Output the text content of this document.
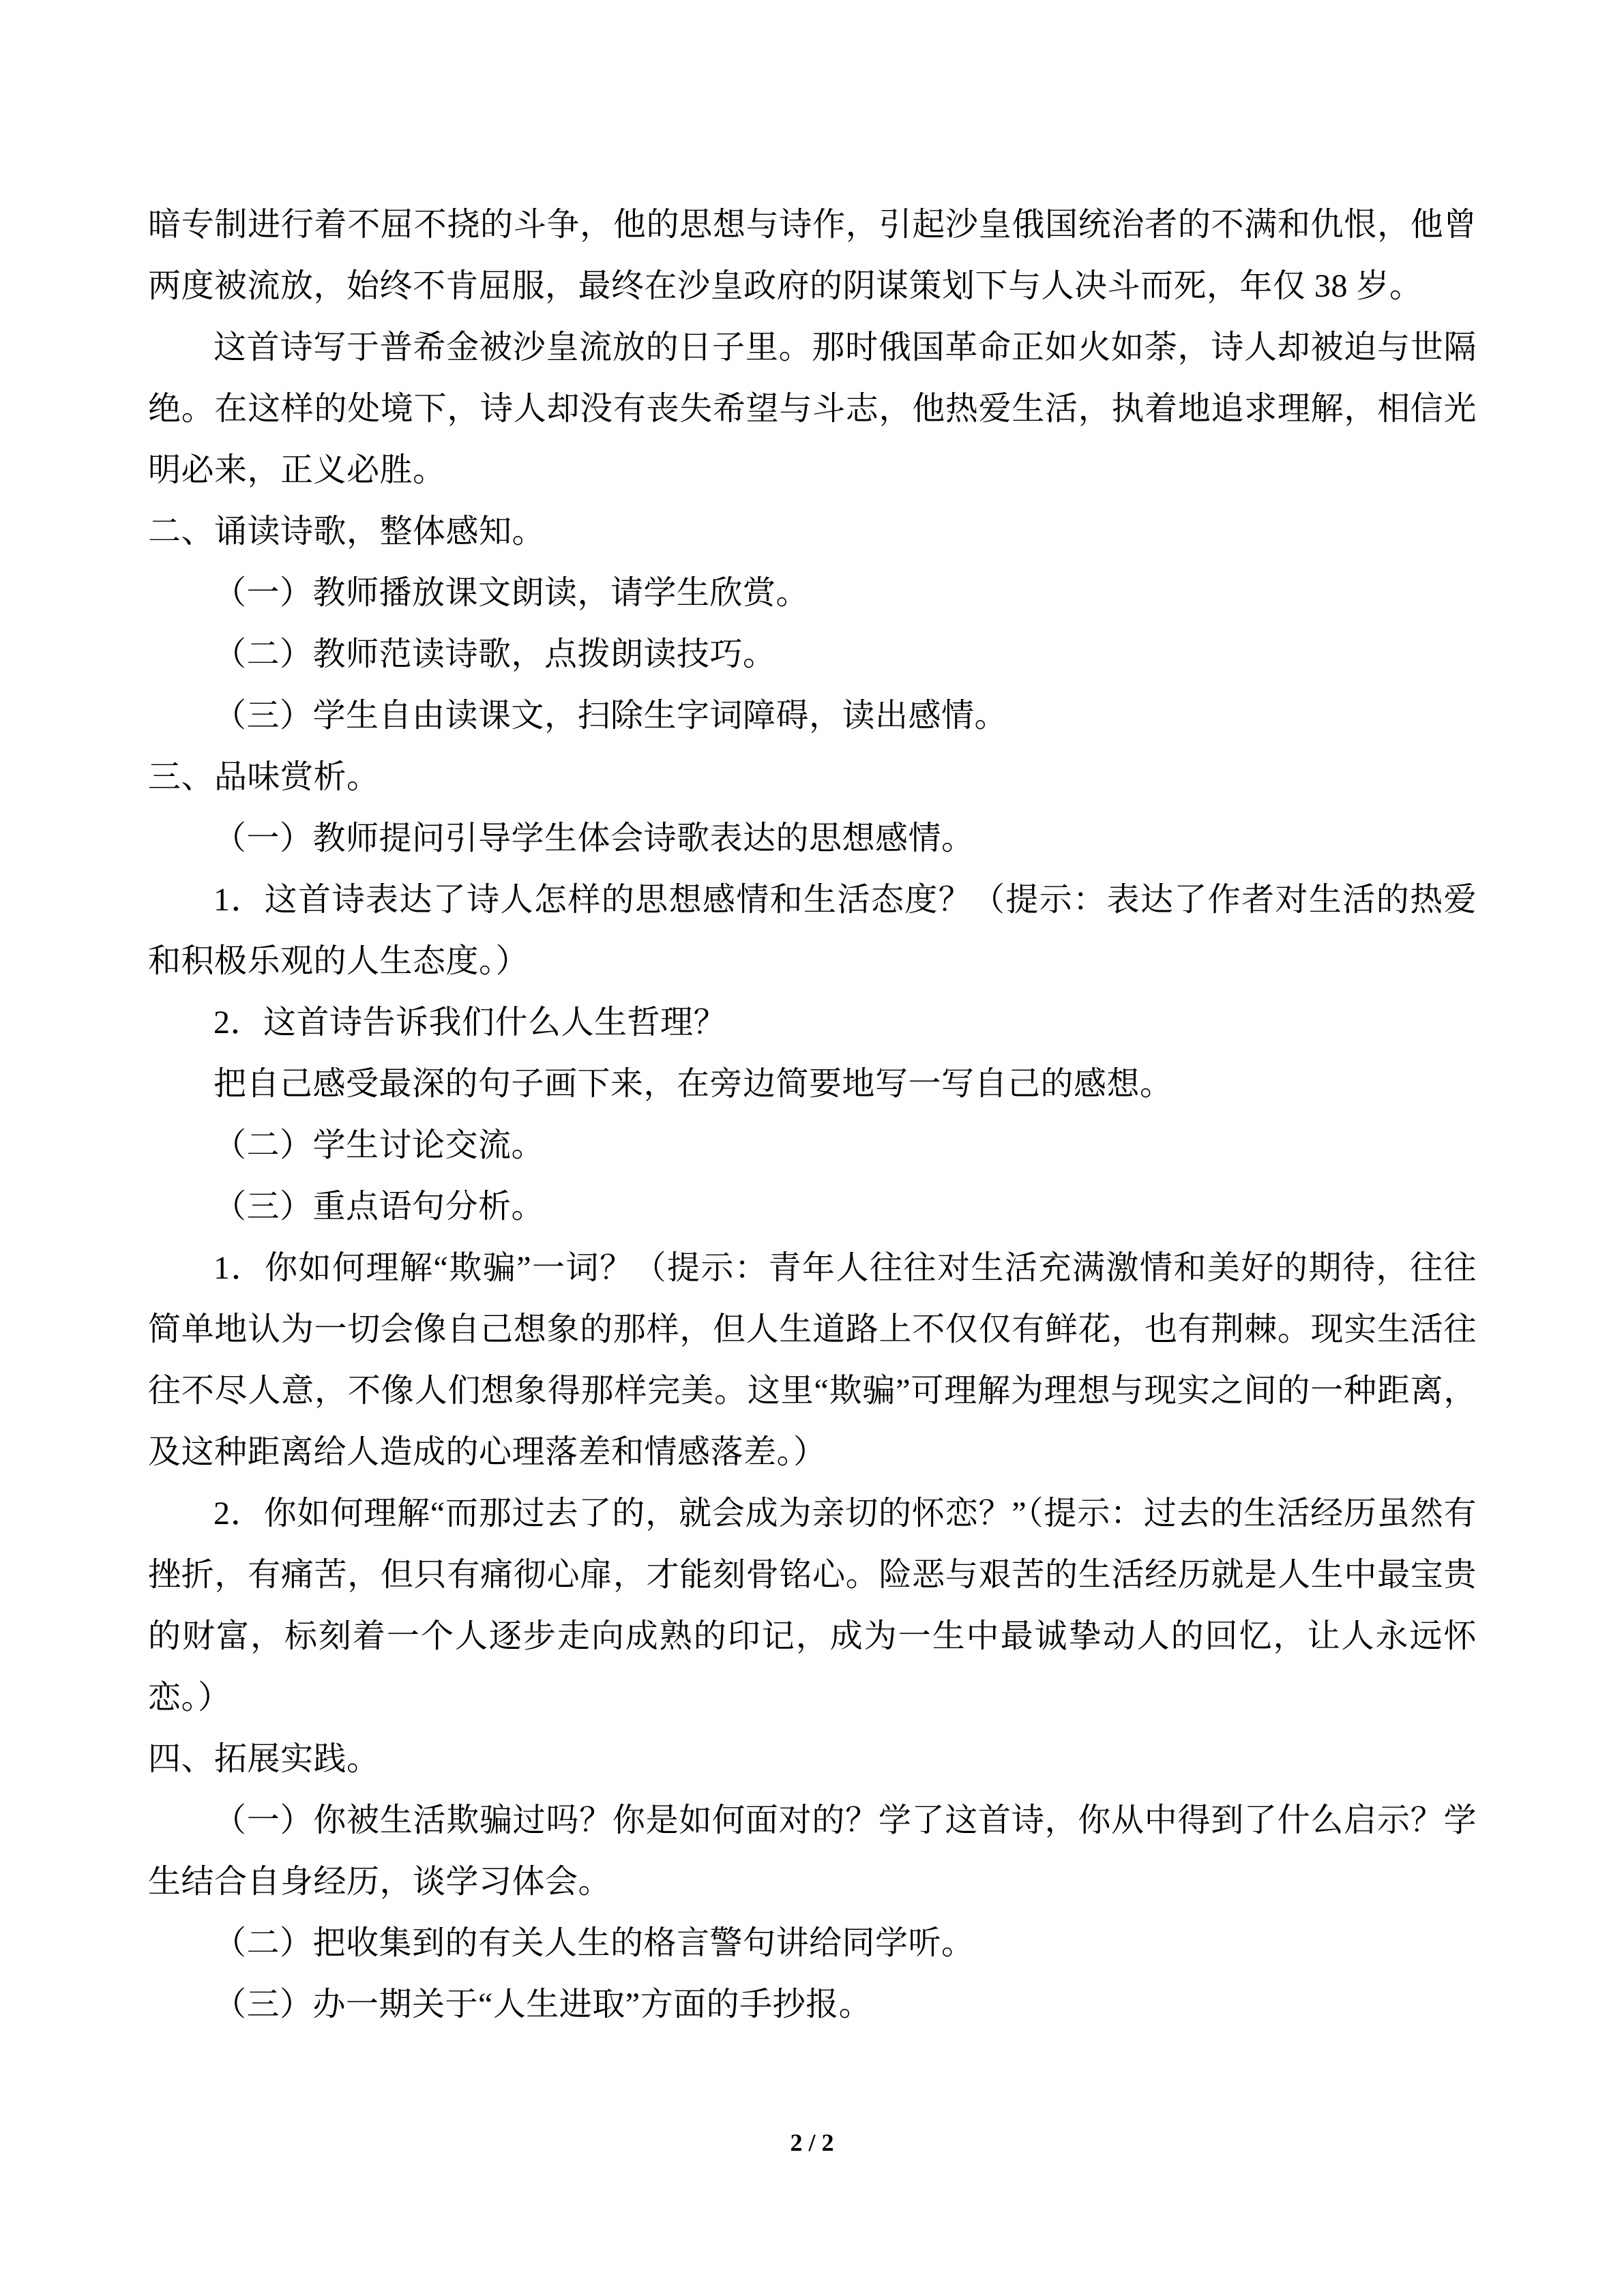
暗专制进行着不屈不挠的斗争，他的思想与诗作，引起沙皇俄国统治者的不满和仇恨，他曾两度被流放，始终不肯屈服，最终在沙皇政府的阴谋策划下与人决斗而死，年仅 38 岁。

这首诗写于普希金被沙皇流放的日子里。那时俄国革命正如火如荼，诗人却被迫与世隔绝。在这样的处境下，诗人却没有丧失希望与斗志，他热爱生活，执着地追求理解，相信光明必来，正义必胜。

二、诵读诗歌，整体感知。

（一）教师播放课文朗读，请学生欣赏。

（二）教师范读诗歌，点拨朗读技巧。

（三）学生自由读课文，扫除生字词障碍，读出感情。

三、品味赏析。

（一）教师提问引导学生体会诗歌表达的思想感情。

1．这首诗表达了诗人怎样的思想感情和生活态度？（提示：表达了作者对生活的热爱和积极乐观的人生态度。）

2．这首诗告诉我们什么人生哲理？

把自己感受最深的句子画下来，在旁边简要地写一写自己的感想。

（二）学生讨论交流。

（三）重点语句分析。

1．你如何理解“欺骗”一词？（提示：青年人往往对生活充满激情和美好的期待，往往简单地认为一切会像自己想象的那样，但人生道路上不仅仅有鲜花，也有荆棘。现实生活往往不尽人意，不像人们想象得那样完美。这里“欺骗”可理解为理想与现实之间的一种距离，及这种距离给人造成的心理落差和情感落差。）

2．你如何理解“而那过去了的，就会成为亲切的怀恋？”（提示：过去的生活经历虽然有挫折，有痛苦，但只有痛彻心扉，才能刻骨铭心。险恶与艰苦的生活经历就是人生中最宝贵的财富，标刻着一个人逐步走向成熟的印记，成为一生中最诚挚动人的回忆，让人永远怀恋。）

四、拓展实践。

（一）你被生活欺骗过吗？你是如何面对的？学了这首诗，你从中得到了什么启示？学生结合自身经历，谈学习体会。

（二）把收集到的有关人生的格言警句讲给同学听。

（三）办一期关于“人生进取”方面的手抄报。

2 / 2
